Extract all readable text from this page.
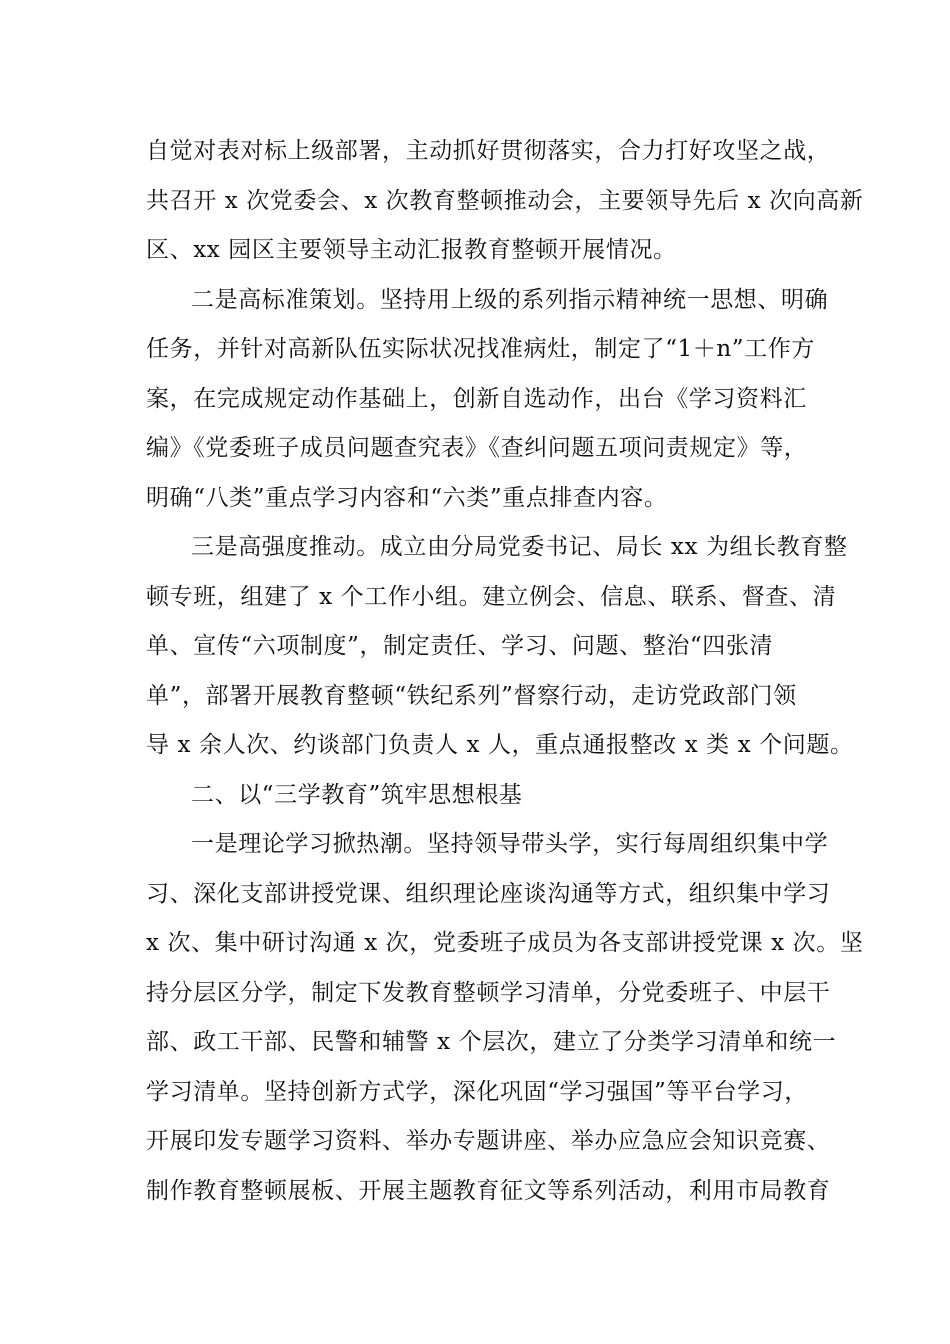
自觉对表对标上级部署，主动抓好贯彻落实，合力打好攻坚之战，
共召开 x 次党委会、x 次教育整顿推动会，主要领导先后 x 次向高新
区、xx 园区主要领导主动汇报教育整顿开展情况。
二是高标准策划。坚持用上级的系列指示精神统一思想、明确
任务，并针对高新队伍实际状况找准病灶，制定了“1＋n”工作方
案，在完成规定动作基础上，创新自选动作，出台《学习资料汇
编》《党委班子成员问题查究表》《查纠问题五项问责规定》等，
明确“八类”重点学习内容和“六类”重点排查内容。
三是高强度推动。成立由分局党委书记、局长 xx 为组长教育整
顿专班，组建了 x 个工作小组。建立例会、信息、联系、督查、清
单、宣传“六项制度”，制定责任、学习、问题、整治“四张清
单”，部署开展教育整顿“铁纪系列”督察行动，走访党政部门领
导 x 余人次、约谈部门负责人 x 人，重点通报整改 x 类 x 个问题。
二、以“三学教育”筑牢思想根基
一是理论学习掀热潮。坚持领导带头学，实行每周组织集中学
习、深化支部讲授党课、组织理论座谈沟通等方式，组织集中学习
x 次、集中研讨沟通 x 次，党委班子成员为各支部讲授党课 x 次。坚
持分层区分学，制定下发教育整顿学习清单，分党委班子、中层干
部、政工干部、民警和辅警 x 个层次，建立了分类学习清单和统一
学习清单。坚持创新方式学，深化巩固“学习强国”等平台学习，
开展印发专题学习资料、举办专题讲座、举办应急应会知识竞赛、
制作教育整顿展板、开展主题教育征文等系列活动，利用市局教育
